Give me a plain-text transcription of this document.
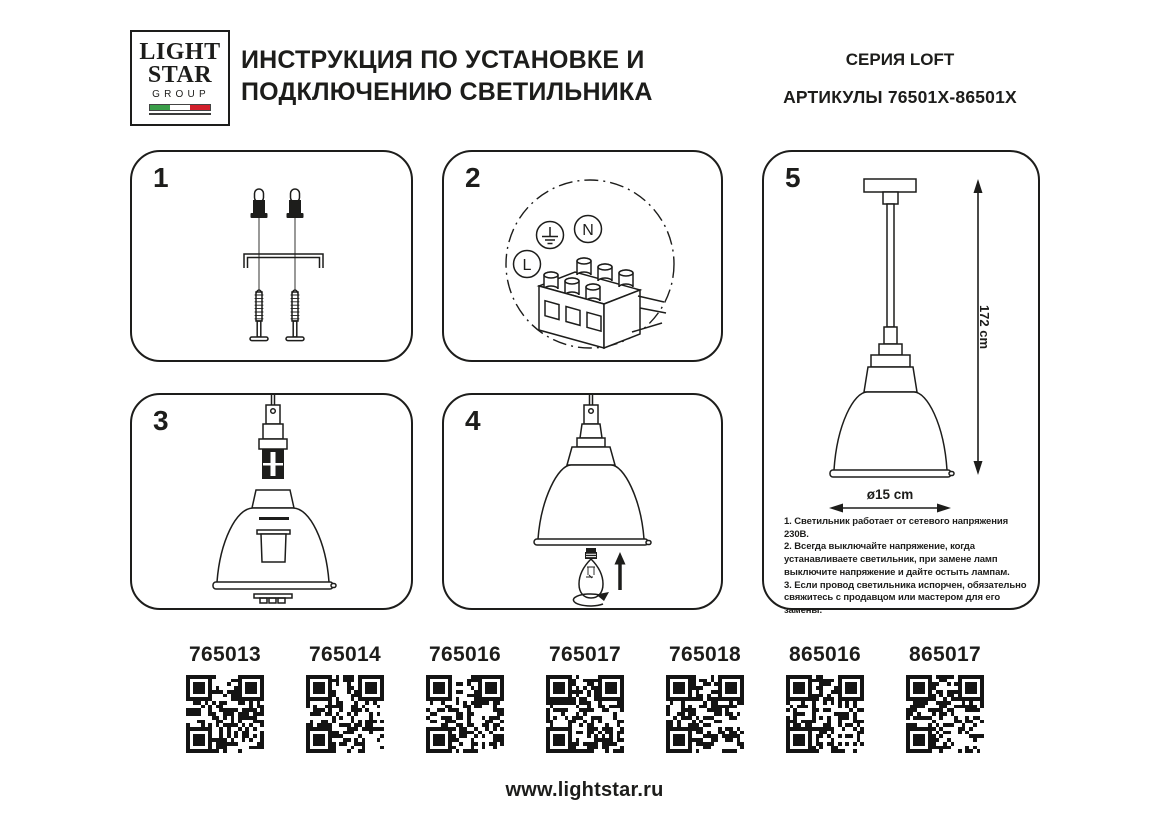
LIGHT
STAR
GROUP
ИНСТРУКЦИЯ ПО УСТАНОВКЕ И
ПОДКЛЮЧЕНИЮ СВЕТИЛЬНИКА
СЕРИЯ LOFT
АРТИКУЛЫ 76501X-86501X
1	2
L
N
3	4
5
172 cm
ø15 cm

1. Светильник работает от сетевого напряжения 230В.

2. Всегда выключайте напряжение, когда устанавливаете светильник, при замене ламп выключите напряжение и дайте остыть лампам.

3. Если провод светильника испорчен, обязательно свяжитесь с продавцом или мастером для его замены.

765013	765014	765016	765017	765018	865016	865017
www.lightstar.ru
